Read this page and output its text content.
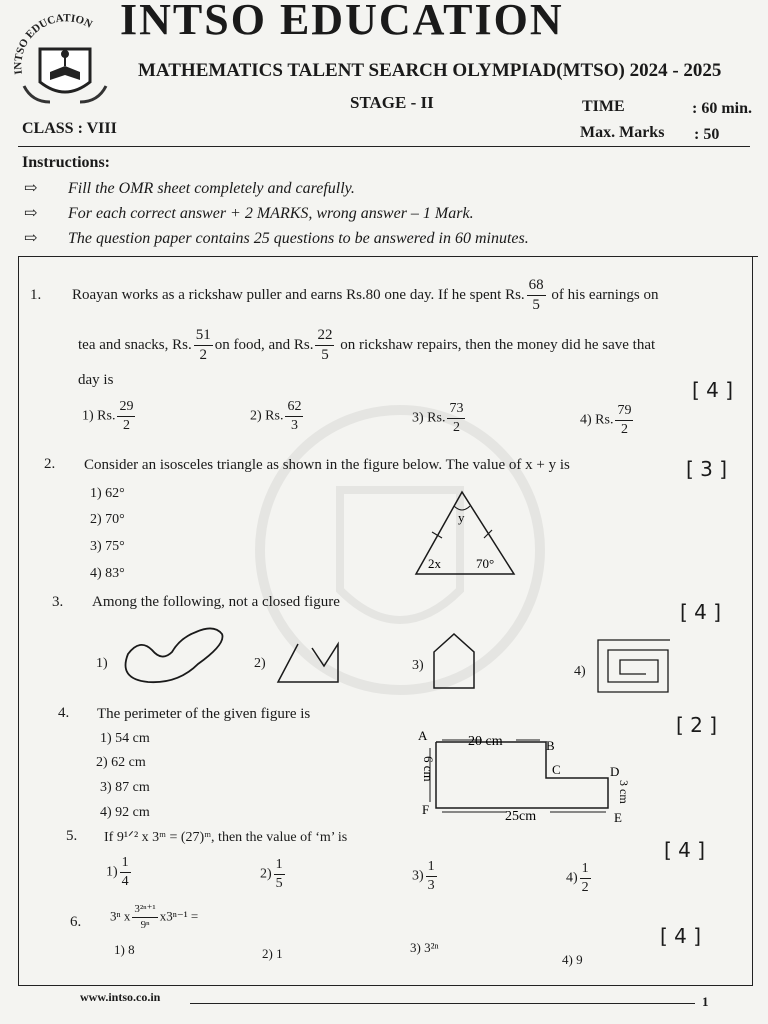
INTSO EDUCATION INTSO EDUCATION
MATHEMATICS TALENT SEARCH OLYMPIAD(MTSO) 2024 - 2025
STAGE - II	TIME	: 60 min.
CLASS : VIII	Max. Marks : 50
Instructions:
⇨ Fill the OMR sheet completely and carefully.
⇨ For each correct answer + 2 MARKS, wrong answer – 1 Mark.
⇨ The question paper contains 25 questions to be answered in 60 minutes.
1. Roayan works as a rickshaw puller and earns Rs.80 one day. If he spent Rs. $\frac{68}{5}$ of his earnings on
tea and snacks, Rs. $\frac{51}{2}$ on food, and Rs. $\frac{22}{5}$ on rickshaw repairs, then the money did he save that
day is	[ 4 ]
1) Rs. $\frac{29}{2}$	2) Rs. $\frac{62}{3}$	3) Rs. $\frac{73}{2}$	4) Rs. $\frac{79}{2}$
2. Consider an isosceles triangle as shown in the figure below. The value of x + y is	[ 3 ]
1) 62°
2) 70°
3) 75°
4) 83°
y
2x	70°
3. Among the following, not a closed figure	[ 4 ]
1)	2)	3)	4)
4. The perimeter of the given figure is	[ 2 ]
1) 54 cm
2) 62 cm
3) 87 cm
4) 92 cm
A
B
C	D
E
F
20 cm
25cm
6 cm
3 cm
5. If 9¹ᐟ² x 3ᵐ = (27)ᵐ, then the value of ‘m’ is
[ 4 ]
$1) \frac{1}{4}$	$2) \frac{1}{5}$	$3) \frac{1}{3}$	$4) \frac{1}{2}$
6. 3ⁿ x $\frac{\text{3²ⁿ⁺¹}}{\text{9ⁿ}} x3^{n-1}$ =
[ 4 ]
1) 8	2) 1	3) 3²ⁿ
4) 9
www.intso.co.in	1
